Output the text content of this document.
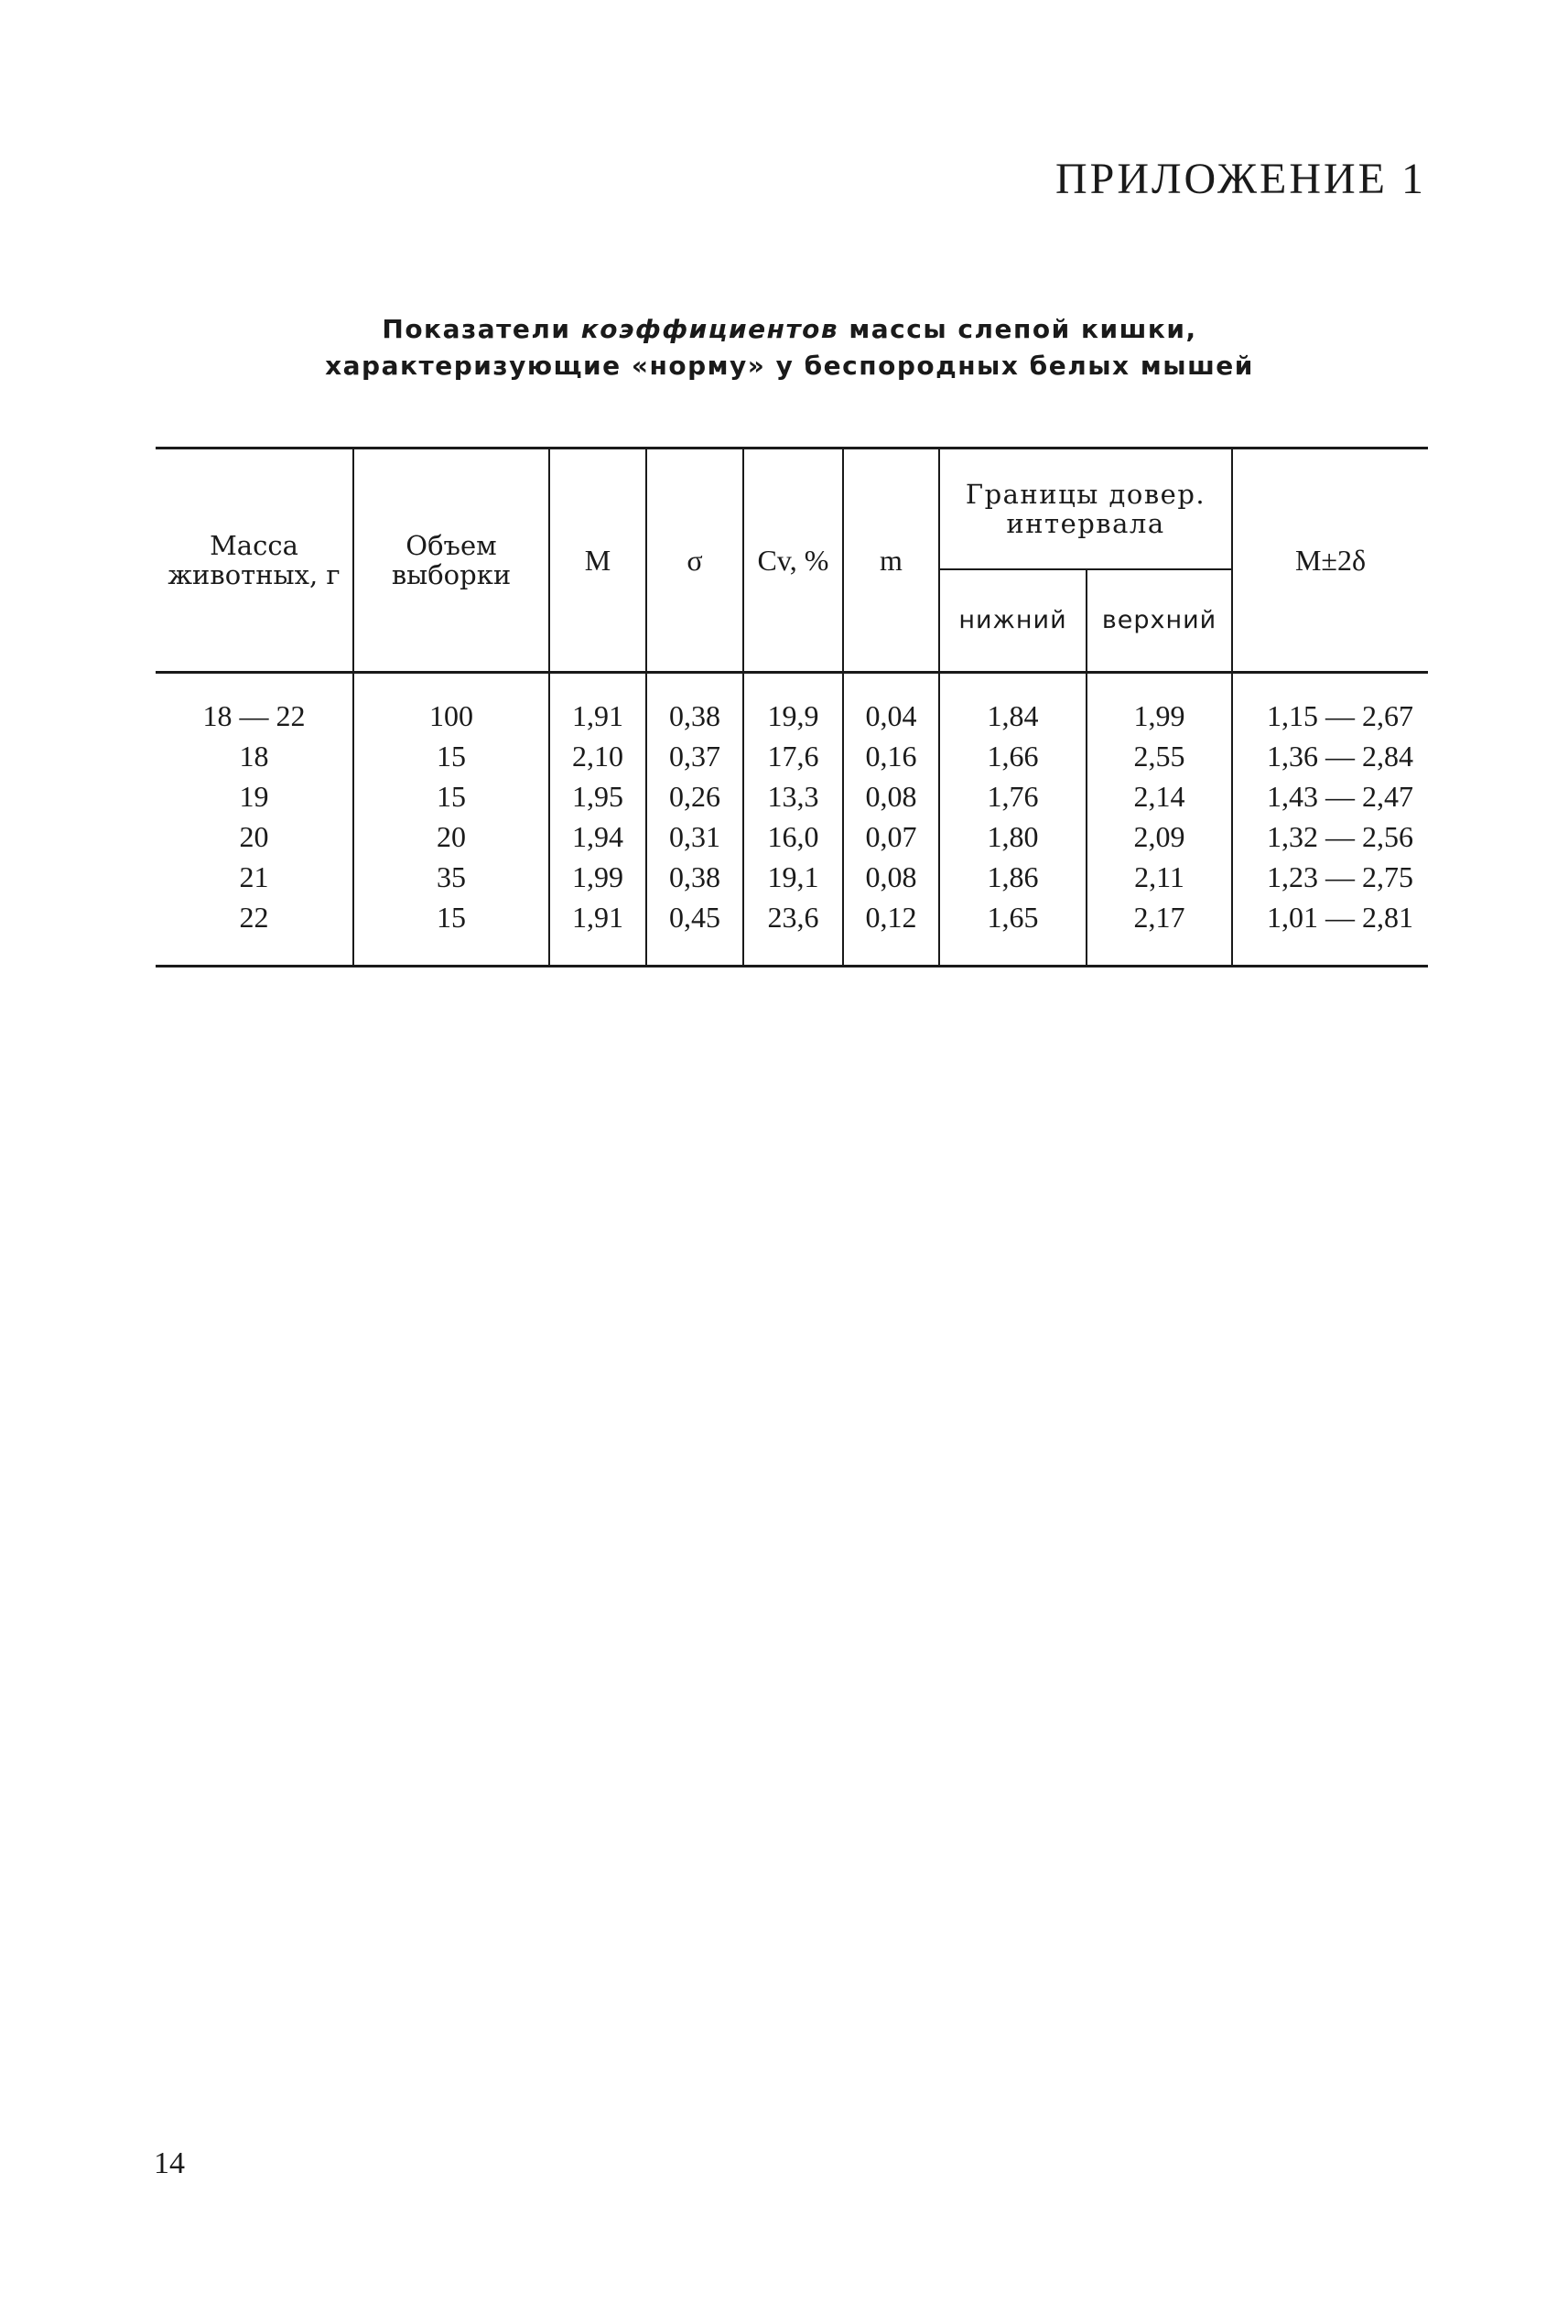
ПРИЛОЖЕНИЕ 1
Показатели коэффициентов массы слепой кишки,
характеризующие «норму» у беспородных белых мышей
Масса животных, г	Объем выборки	M	σ	Cv, %	m	Границы довер. интервала		M±2δ
						нижний	верхний	
18 — 22	100	1,91	0,38	19,9	0,04	1,84	1,99	1,15 — 2,67
18	15	2,10	0,37	17,6	0,16	1,66	2,55	1,36 — 2,84
19	15	1,95	0,26	13,3	0,08	1,76	2,14	1,43 — 2,47
20	20	1,94	0,31	16,0	0,07	1,80	2,09	1,32 — 2,56
21	35	1,99	0,38	19,1	0,08	1,86	2,11	1,23 — 2,75
22	15	1,91	0,45	23,6	0,12	1,65	2,17	1,01 — 2,81

14
